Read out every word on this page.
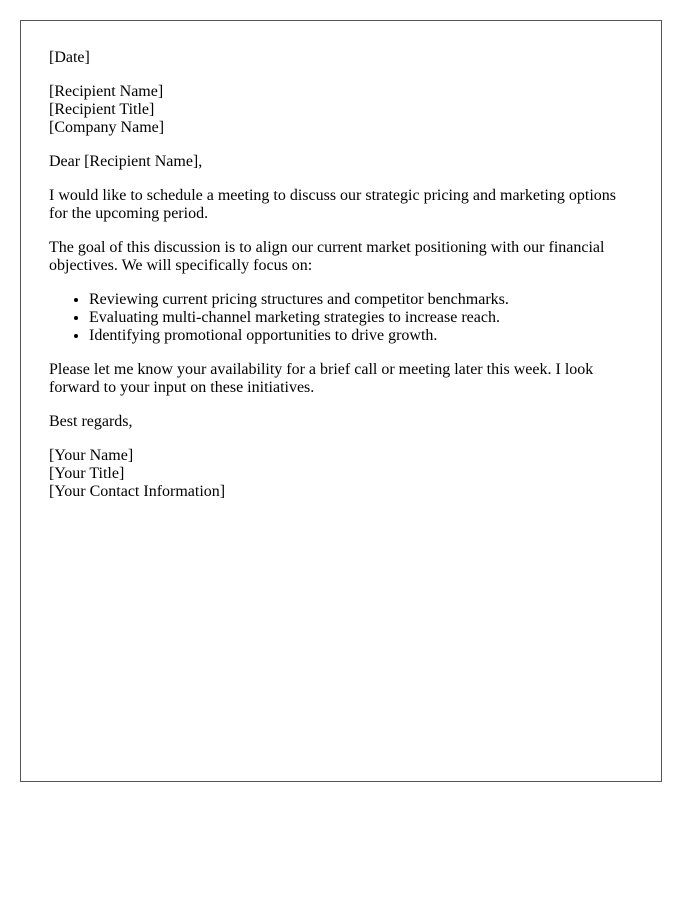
[Date]

[Recipient Name]
[Recipient Title]
[Company Name]

Dear [Recipient Name],

I would like to schedule a meeting to discuss our strategic pricing and marketing options
for the upcoming period.

The goal of this discussion is to align our current market positioning with our financial
objectives. We will specifically focus on:

• Reviewing current pricing structures and competitor benchmarks.
• Evaluating multi-channel marketing strategies to increase reach.
• Identifying promotional opportunities to drive growth.

Please let me know your availability for a brief call or meeting later this week. I look
forward to your input on these initiatives.

Best regards,

[Your Name]
[Your Title]
[Your Contact Information]
